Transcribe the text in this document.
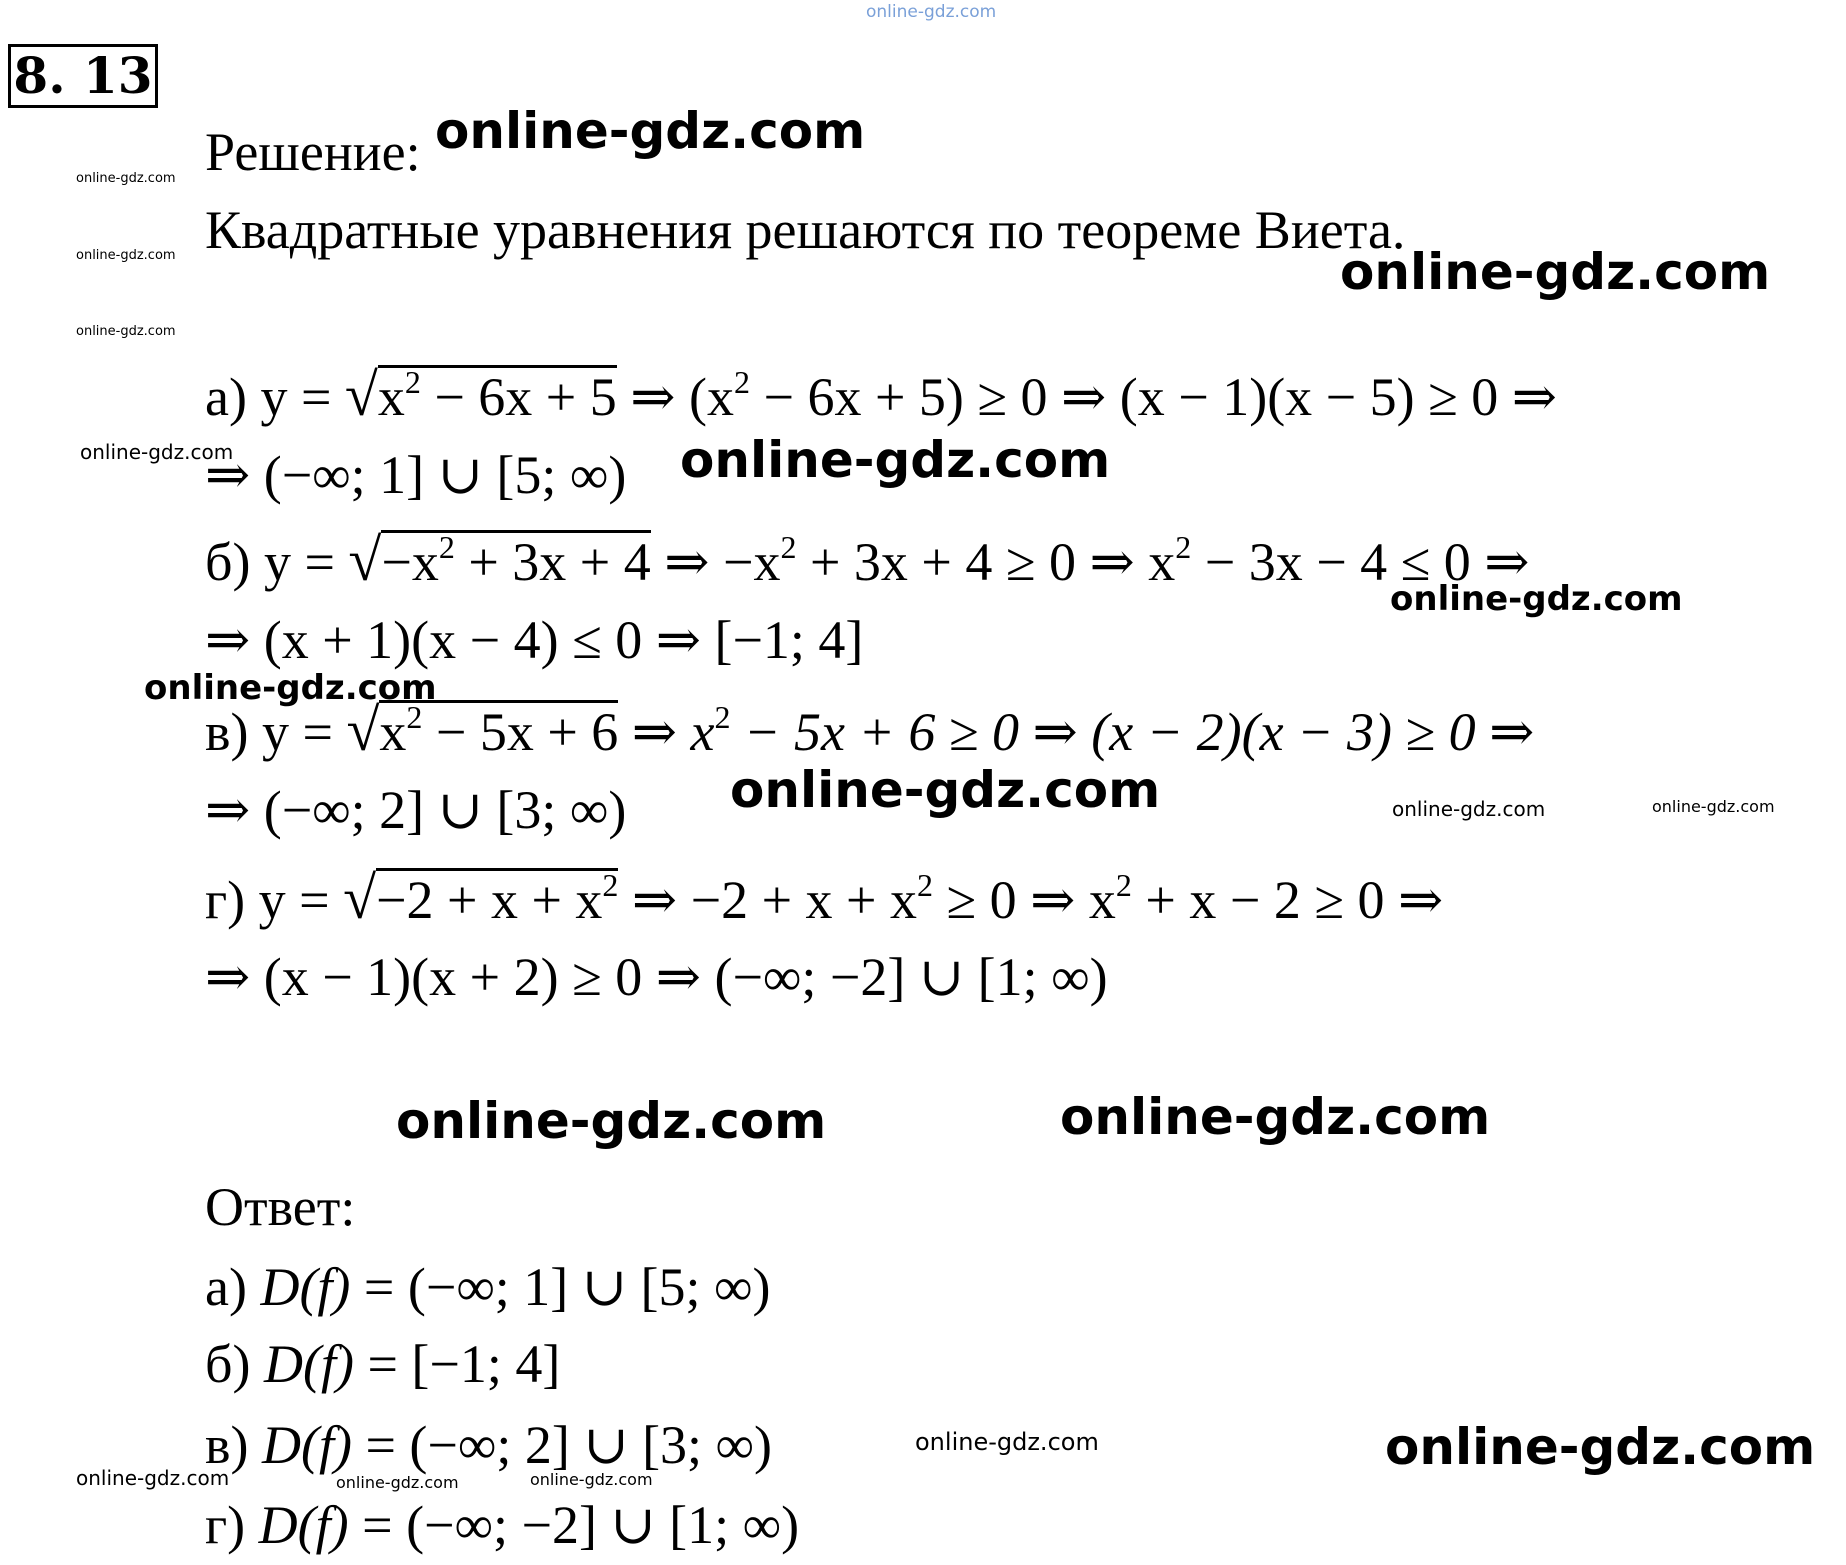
online-gdz.com
8. 13
Решение:
Квадратные уравнения решаются по теореме Виета.
а) $y = √x^2 - 6x + 5$ ⇒ $(x^2 - 6x + 5) \ge 0$ ⇒ (x − 1)(x − 5) ≥ 0 ⇒
⇒ (−∞; 1] ∪ [5; ∞)
б) $y = √-x^2 + 3x + 4$ ⇒ $-x^2 + 3x + 4 \ge 0$ ⇒ $x^2 - 3x - 4 \le 0$ ⇒
⇒ (x + 1)(x − 4) ≤ 0 ⇒ [−1; 4]
в) $y = √x^2 - 5x + 6$ ⇒ $x^2 - 5x + 6 \ge 0$ ⇒ (x − 2)(x − 3) ≥ 0 ⇒
⇒ (−∞; 2] ∪ [3; ∞)
г) $y = √-2 + x + x^2$ ⇒ $-2 + x + x^2 \ge 0$ ⇒ $x^2 + x - 2 \ge 0$ ⇒
⇒ (x − 1)(x + 2) ≥ 0 ⇒ (−∞; −2] ∪ [1; ∞)
Ответ:
а) D(f) = (−∞; 1] ∪ [5; ∞)
б) D(f) = [−1; 4]
в) D(f) = (−∞; 2] ∪ [3; ∞)
г) D(f) = (−∞; −2] ∪ [1; ∞)
online-gdz.com
online-gdz.com
online-gdz.com
online-gdz.com
online-gdz.com
online-gdz.com	online-gdz.com
online-gdz.com
online-gdz.com
online-gdz.com	online-gdz.com	online-gdz.com
online-gdz.com	online-gdz.com
online-gdz.com	online-gdz.com
online-gdz.com	online-gdz.com	online-gdz.com
